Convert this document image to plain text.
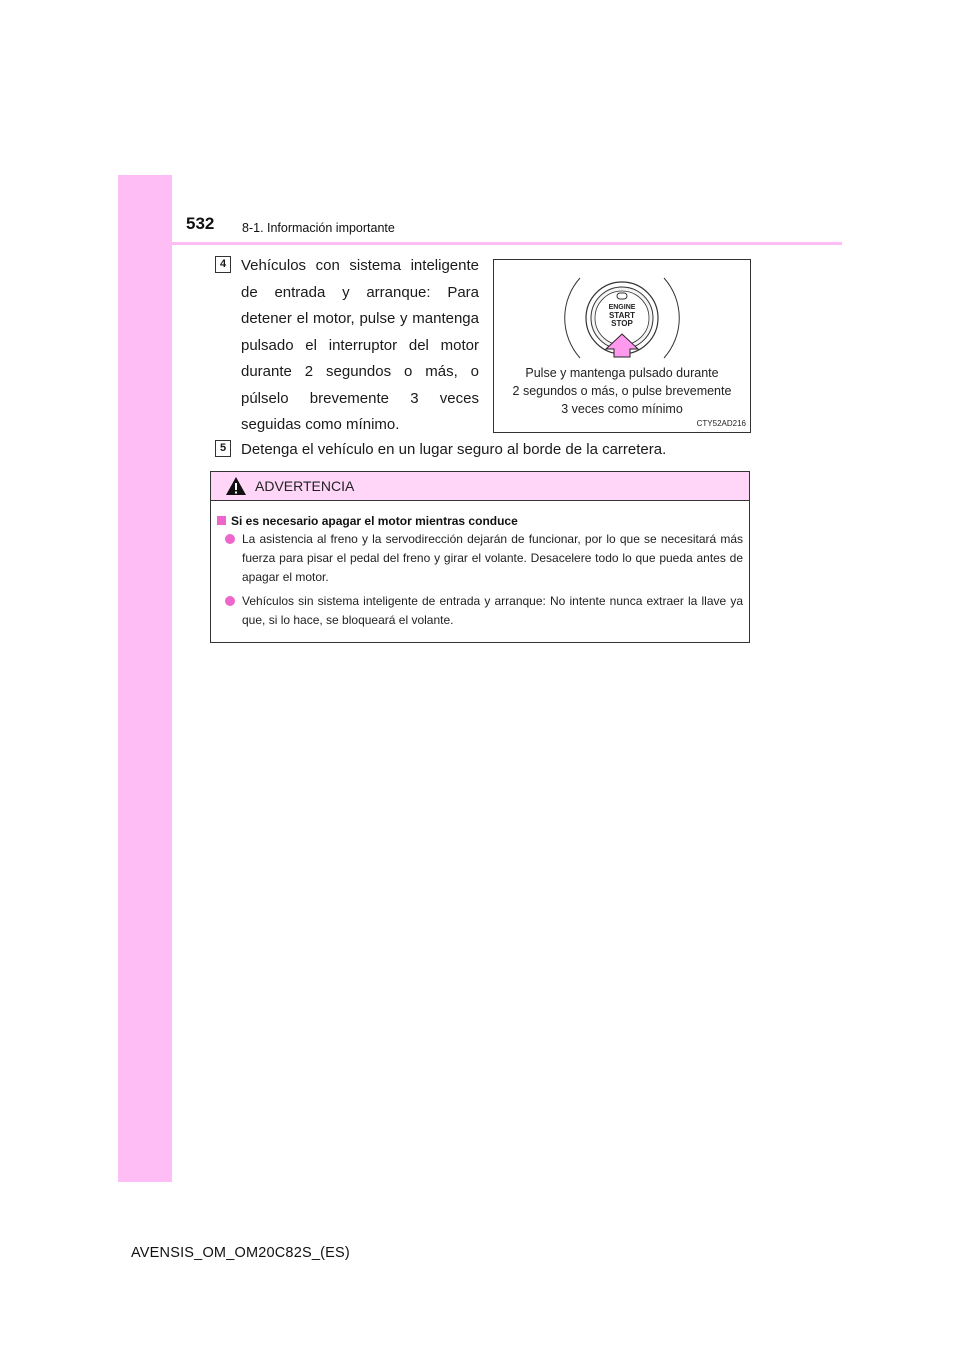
532 8-1. Información importante
4 Vehículos con sistema inteligente de entrada y arranque: Para detener el motor, pulse y mantenga pulsado el interruptor del motor durante 2 segundos o más, o púlselo brevemente 3 veces seguidas como mínimo.
ENGINE
START
STOP
Pulse y mantenga pulsado durante
2 segundos o más, o pulse brevemente
3 veces como mínimo
CTY52AD216
5 Detenga el vehículo en un lugar seguro al borde de la carretera.
ADVERTENCIA
Si es necesario apagar el motor mientras conduce
La asistencia al freno y la servodirección dejarán de funcionar, por lo que se necesitará más fuerza para pisar el pedal del freno y girar el volante. Desacelere todo lo que pueda antes de apagar el motor.
Vehículos sin sistema inteligente de entrada y arranque: No intente nunca extraer la llave ya que, si lo hace, se bloqueará el volante.
AVENSIS_OM_OM20C82S_(ES)
